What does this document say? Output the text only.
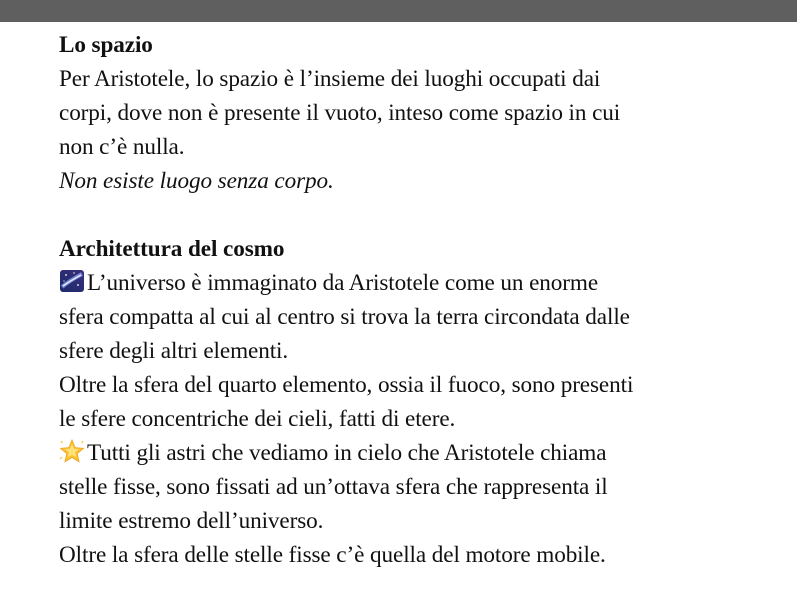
Lo spazio

Per Aristotele, lo spazio è l’insieme dei luoghi occupati dai

corpi, dove non è presente il vuoto, inteso come spazio in cui

non c’è nulla.

Non esiste luogo senza corpo.

Architettura del cosmo

L’universo è immaginato da Aristotele come un enorme

sfera compatta al cui al centro si trova la terra circondata dalle

sfere degli altri elementi.

Oltre la sfera del quarto elemento, ossia il fuoco, sono presenti

le sfere concentriche dei cieli, fatti di etere.

Tutti gli astri che vediamo in cielo che Aristotele chiama

stelle fisse, sono fissati ad un’ottava sfera che rappresenta il

limite estremo dell’universo.

Oltre la sfera delle stelle fisse c’è quella del motore mobile.
